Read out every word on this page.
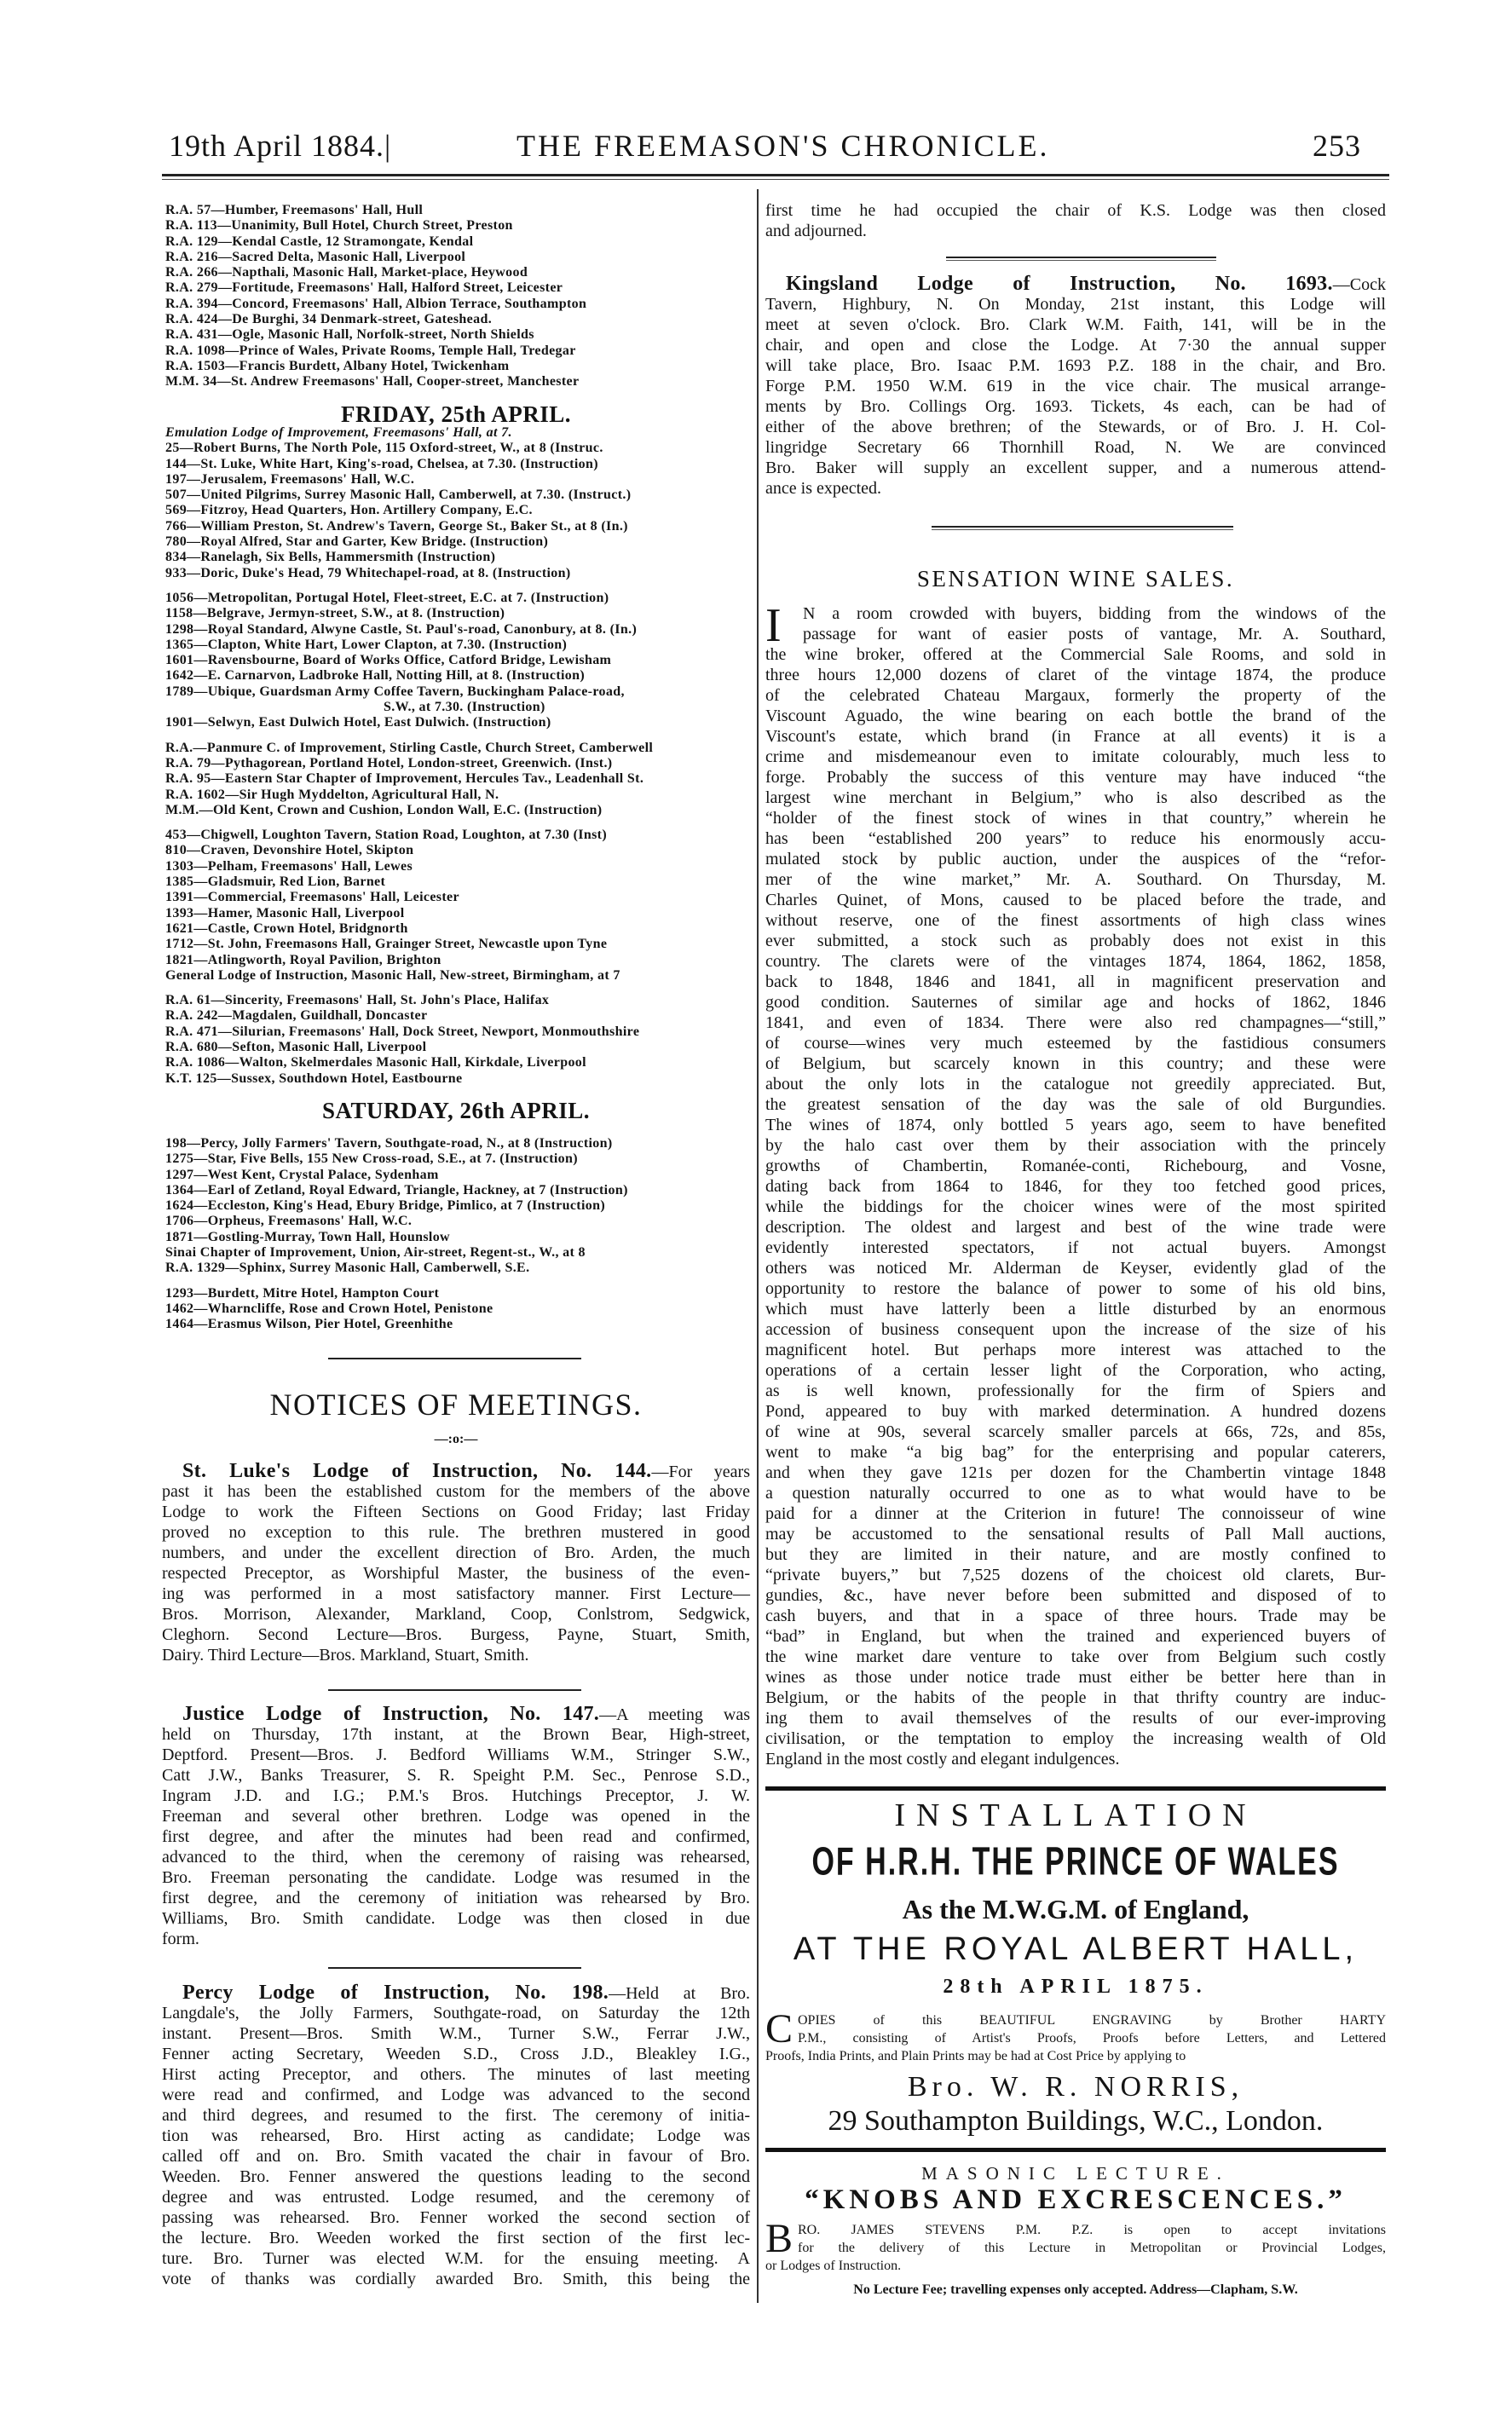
19th April 1884.|	THE FREEMASON'S CHRONICLE.	253
R.A. 57—Humber, Freemasons' Hall, Hull
R.A. 113—Unanimity, Bull Hotel, Church Street, Preston
R.A. 129—Kendal Castle, 12 Stramongate, Kendal
R.A. 216—Sacred Delta, Masonic Hall, Liverpool
R.A. 266—Napthali, Masonic Hall, Market-place, Heywood
R.A. 279—Fortitude, Freemasons' Hall, Halford Street, Leicester
R.A. 394—Concord, Freemasons' Hall, Albion Terrace, Southampton
R.A. 424—De Burghi, 34 Denmark-street, Gateshead.
R.A. 431—Ogle, Masonic Hall, Norfolk-street, North Shields
R.A. 1098—Prince of Wales, Private Rooms, Temple Hall, Tredegar
R.A. 1503—Francis Burdett, Albany Hotel, Twickenham
M.M. 34—St. Andrew Freemasons' Hall, Cooper-street, Manchester
FRIDAY, 25th APRIL.
Emulation Lodge of Improvement, Freemasons' Hall, at 7.
25—Robert Burns, The North Pole, 115 Oxford-street, W., at 8 (Instruc.
144—St. Luke, White Hart, King's-road, Chelsea, at 7.30. (Instruction)
197—Jerusalem, Freemasons' Hall, W.C.
507—United Pilgrims, Surrey Masonic Hall, Camberwell, at 7.30. (Instruct.)
569—Fitzroy, Head Quarters, Hon. Artillery Company, E.C.
766—William Preston, St. Andrew's Tavern, George St., Baker St., at 8 (In.)
780—Royal Alfred, Star and Garter, Kew Bridge. (Instruction)
834—Ranelagh, Six Bells, Hammersmith (Instruction)
933—Doric, Duke's Head, 79 Whitechapel-road, at 8. (Instruction)
1056—Metropolitan, Portugal Hotel, Fleet-street, E.C. at 7. (Instruction)
1158—Belgrave, Jermyn-street, S.W., at 8. (Instruction)
1298—Royal Standard, Alwyne Castle, St. Paul's-road, Canonbury, at 8. (In.)
1365—Clapton, White Hart, Lower Clapton, at 7.30. (Instruction)
1601—Ravensbourne, Board of Works Office, Catford Bridge, Lewisham
1642—E. Carnarvon, Ladbroke Hall, Notting Hill, at 8. (Instruction)
1789—Ubique, Guardsman Army Coffee Tavern, Buckingham Palace-road,
S.W., at 7.30. (Instruction)
1901—Selwyn, East Dulwich Hotel, East Dulwich. (Instruction)
R.A.—Panmure C. of Improvement, Stirling Castle, Church Street, Camberwell
R.A. 79—Pythagorean, Portland Hotel, London-street, Greenwich. (Inst.)
R.A. 95—Eastern Star Chapter of Improvement, Hercules Tav., Leadenhall St.
R.A. 1602—Sir Hugh Myddelton, Agricultural Hall, N.
M.M.—Old Kent, Crown and Cushion, London Wall, E.C. (Instruction)
453—Chigwell, Loughton Tavern, Station Road, Loughton, at 7.30 (Inst)
810—Craven, Devonshire Hotel, Skipton
1303—Pelham, Freemasons' Hall, Lewes
1385—Gladsmuir, Red Lion, Barnet
1391—Commercial, Freemasons' Hall, Leicester
1393—Hamer, Masonic Hall, Liverpool
1621—Castle, Crown Hotel, Bridgnorth
1712—St. John, Freemasons Hall, Grainger Street, Newcastle upon Tyne
1821—Atlingworth, Royal Pavilion, Brighton
General Lodge of Instruction, Masonic Hall, New-street, Birmingham, at 7
R.A. 61—Sincerity, Freemasons' Hall, St. John's Place, Halifax
R.A. 242—Magdalen, Guildhall, Doncaster
R.A. 471—Silurian, Freemasons' Hall, Dock Street, Newport, Monmouthshire
R.A. 680—Sefton, Masonic Hall, Liverpool
R.A. 1086—Walton, Skelmerdales Masonic Hall, Kirkdale, Liverpool
K.T. 125—Sussex, Southdown Hotel, Eastbourne
SATURDAY, 26th APRIL.
198—Percy, Jolly Farmers' Tavern, Southgate-road, N., at 8 (Instruction)
1275—Star, Five Bells, 155 New Cross-road, S.E., at 7. (Instruction)
1297—West Kent, Crystal Palace, Sydenham
1364—Earl of Zetland, Royal Edward, Triangle, Hackney, at 7 (Instruction)
1624—Eccleston, King's Head, Ebury Bridge, Pimlico, at 7 (Instruction)
1706—Orpheus, Freemasons' Hall, W.C.
1871—Gostling-Murray, Town Hall, Hounslow
Sinai Chapter of Improvement, Union, Air-street, Regent-st., W., at 8
R.A. 1329—Sphinx, Surrey Masonic Hall, Camberwell, S.E.
1293—Burdett, Mitre Hotel, Hampton Court
1462—Wharncliffe, Rose and Crown Hotel, Penistone
1464—Erasmus Wilson, Pier Hotel, Greenhithe
NOTICES OF MEETINGS.
—:o:—
St. Luke's Lodge of Instruction, No. 144.—For years
past it has been the established custom for the members of the above
Lodge to work the Fifteen Sections on Good Friday; last Friday
proved no exception to this rule. The brethren mustered in good
numbers, and under the excellent direction of Bro. Arden, the much
respected Preceptor, as Worshipful Master, the business of the even-
ing was performed in a most satisfactory manner. First Lecture—
Bros. Morrison, Alexander, Markland, Coop, Conlstrom, Sedgwick,
Cleghorn. Second Lecture—Bros. Burgess, Payne, Stuart, Smith,
Dairy. Third Lecture—Bros. Markland, Stuart, Smith.
Justice Lodge of Instruction, No. 147.—A meeting was
held on Thursday, 17th instant, at the Brown Bear, High-street,
Deptford. Present—Bros. J. Bedford Williams W.M., Stringer S.W.,
Catt J.W., Banks Treasurer, S. R. Speight P.M. Sec., Penrose S.D.,
Ingram J.D. and I.G.; P.M.'s Bros. Hutchings Preceptor, J. W.
Freeman and several other brethren. Lodge was opened in the
first degree, and after the minutes had been read and confirmed,
advanced to the third, when the ceremony of raising was rehearsed,
Bro. Freeman personating the candidate. Lodge was resumed in the
first degree, and the ceremony of initiation was rehearsed by Bro.
Williams, Bro. Smith candidate. Lodge was then closed in due
form.
Percy Lodge of Instruction, No. 198.—Held at Bro.
Langdale's, the Jolly Farmers, Southgate-road, on Saturday the 12th
instant. Present—Bros. Smith W.M., Turner S.W., Ferrar J.W.,
Fenner acting Secretary, Weeden S.D., Cross J.D., Bleakley I.G.,
Hirst acting Preceptor, and others. The minutes of last meeting
were read and confirmed, and Lodge was advanced to the second
and third degrees, and resumed to the first. The ceremony of initia-
tion was rehearsed, Bro. Hirst acting as candidate; Lodge was
called off and on. Bro. Smith vacated the chair in favour of Bro.
Weeden. Bro. Fenner answered the questions leading to the second
degree and was entrusted. Lodge resumed, and the ceremony of
passing was rehearsed. Bro. Fenner worked the second section of
the lecture. Bro. Weeden worked the first section of the first lec-
ture. Bro. Turner was elected W.M. for the ensuing meeting. A
vote of thanks was cordially awarded Bro. Smith, this being the
first time he had occupied the chair of K.S. Lodge was then closed
and adjourned.
Kingsland Lodge of Instruction, No. 1693.—Cock
Tavern, Highbury, N. On Monday, 21st instant, this Lodge will
meet at seven o'clock. Bro. Clark W.M. Faith, 141, will be in the
chair, and open and close the Lodge. At 7·30 the annual supper
will take place, Bro. Isaac P.M. 1693 P.Z. 188 in the chair, and Bro.
Forge P.M. 1950 W.M. 619 in the vice chair. The musical arrange-
ments by Bro. Collings Org. 1693. Tickets, 4s each, can be had of
either of the above brethren; of the Stewards, or of Bro. J. H. Col-
lingridge Secretary 66 Thornhill Road, N. We are convinced
Bro. Baker will supply an excellent supper, and a numerous attend-
ance is expected.
SENSATION WINE SALES.
I	N a room crowded with buyers, bidding from the windows of the
passage for want of easier posts of vantage, Mr. A. Southard,
the wine broker, offered at the Commercial Sale Rooms, and sold in
three hours 12,000 dozens of claret of the vintage 1874, the produce
of the celebrated Chateau Margaux, formerly the property of the
Viscount Aguado, the wine bearing on each bottle the brand of the
Viscount's estate, which brand (in France at all events) it is a
crime and misdemeanour even to imitate colourably, much less to
forge. Probably the success of this venture may have induced “the
largest wine merchant in Belgium,” who is also described as the
“holder of the finest stock of wines in that country,” wherein he
has been “established 200 years” to reduce his enormously accu-
mulated stock by public auction, under the auspices of the “refor-
mer of the wine market,” Mr. A. Southard. On Thursday, M.
Charles Quinet, of Mons, caused to be placed before the trade, and
without reserve, one of the finest assortments of high class wines
ever submitted, a stock such as probably does not exist in this
country. The clarets were of the vintages 1874, 1864, 1862, 1858,
back to 1848, 1846 and 1841, all in magnificent preservation and
good condition. Sauternes of similar age and hocks of 1862, 1846
1841, and even of 1834. There were also red champagnes—“still,”
of course—wines very much esteemed by the fastidious consumers
of Belgium, but scarcely known in this country; and these were
about the only lots in the catalogue not greedily appreciated. But,
the greatest sensation of the day was the sale of old Burgundies.
The wines of 1874, only bottled 5 years ago, seem to have benefited
by the halo cast over them by their association with the princely
growths of Chambertin, Romanée-conti, Richebourg, and Vosne,
dating back from 1864 to 1846, for they too fetched good prices,
while the biddings for the choicer wines were of the most spirited
description. The oldest and largest and best of the wine trade were
evidently interested spectators, if not actual buyers. Amongst
others was noticed Mr. Alderman de Keyser, evidently glad of the
opportunity to restore the balance of power to some of his old bins,
which must have latterly been a little disturbed by an enormous
accession of business consequent upon the increase of the size of his
magnificent hotel. But perhaps more interest was attached to the
operations of a certain lesser light of the Corporation, who acting,
as is well known, professionally for the firm of Spiers and
Pond, appeared to buy with marked determination. A hundred dozens
of wine at 90s, several scarcely smaller parcels at 66s, 72s, and 85s,
went to make “a big bag” for the enterprising and popular caterers,
and when they gave 121s per dozen for the Chambertin vintage 1848
a question naturally occurred to one as to what would have to be
paid for a dinner at the Criterion in future! The connoisseur of wine
may be accustomed to the sensational results of Pall Mall auctions,
but they are limited in their nature, and are mostly confined to
“private buyers,” but 7,525 dozens of the choicest old clarets, Bur-
gundies, &c., have never before been submitted and disposed of to
cash buyers, and that in a space of three hours. Trade may be
“bad” in England, but when the trained and experienced buyers of
the wine market dare venture to take over from Belgium such costly
wines as those under notice trade must either be better here than in
Belgium, or the habits of the people in that thrifty country are induc-
ing them to avail themselves of the results of our ever-improving
civilisation, or the temptation to employ the increasing wealth of Old
England in the most costly and elegant indulgences.
INSTALLATION
OF H.R.H. THE PRINCE OF WALES
As the M.W.G.M. of England,
AT THE ROYAL ALBERT HALL,
28th APRIL 1875.
C OPIES of this BEAUTIFUL ENGRAVING by Brother HARTY
P.M., consisting of Artist's Proofs, Proofs before Letters, and Lettered
Proofs, India Prints, and Plain Prints may be had at Cost Price by applying to
Bro. W. R. NORRIS,
29 Southampton Buildings, W.C., London.
MASONIC LECTURE.
“KNOBS AND EXCRESCENCES.”
B RO. JAMES STEVENS P.M. P.Z. is open to accept invitations
for the delivery of this Lecture in Metropolitan or Provincial Lodges,
or Lodges of Instruction.
No Lecture Fee; travelling expenses only accepted. Address—Clapham, S.W.
